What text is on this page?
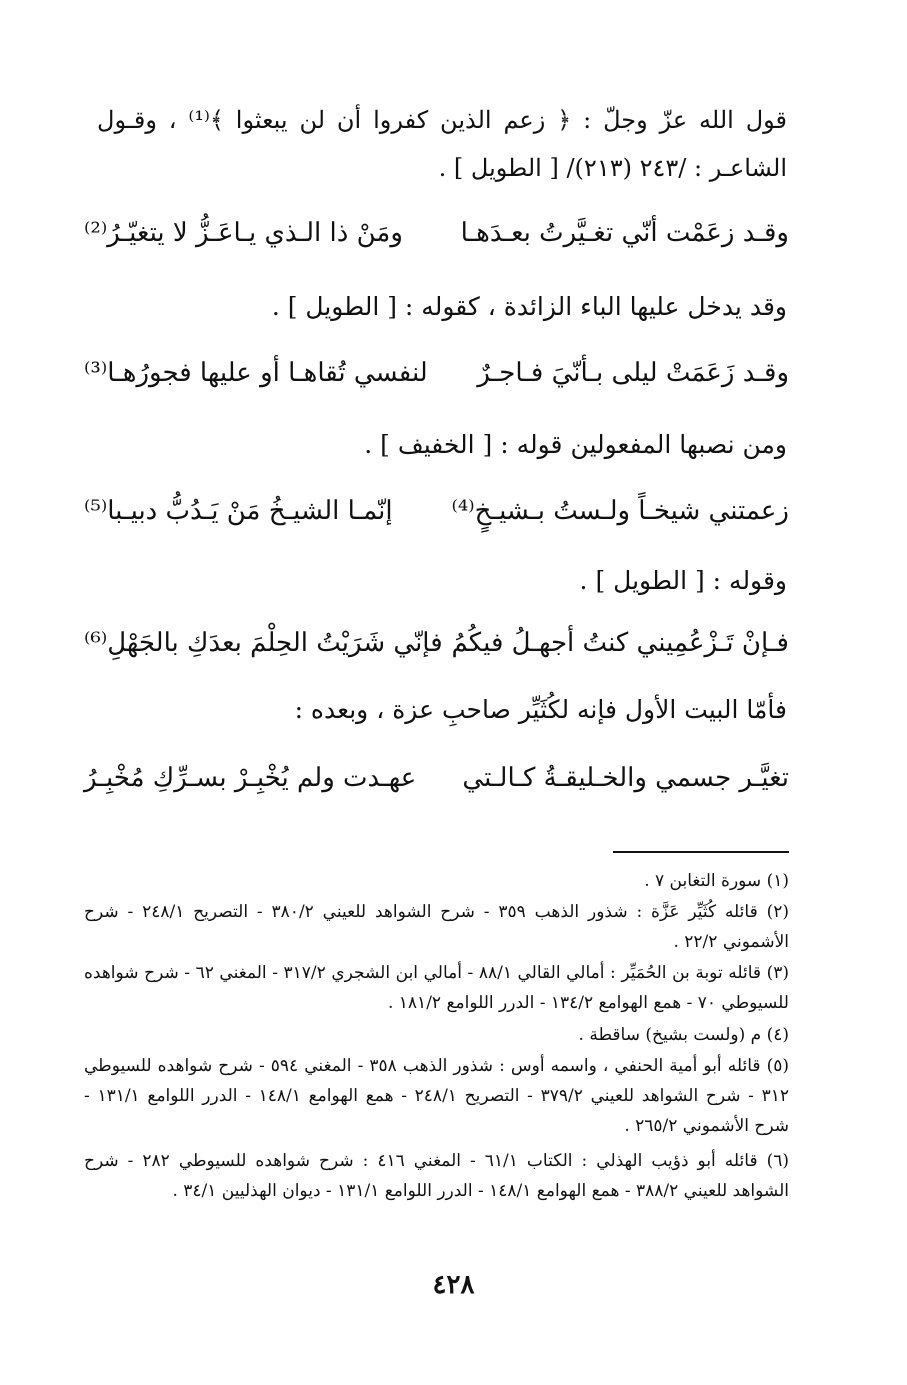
قول الله عزّ وجلّ : ﴿ زعم الذين كفروا أن لن يبعثوا ﴾⁽¹⁾ ، وقـول الشاعـر : /٢٤٣ (٢١٣)/ [ الطويل ] .
وقـد زعَمْت أنّي تغـيَّرتُ بعـدَهـا
ومَنْ ذا الـذي يـاعَـزُّ لا يتغيّـرُ⁽²⁾
وقد يدخل عليها الباء الزائدة ، كقوله : [ الطويل ] .
وقـد زَعَمَتْ ليلى بـأنّيَ فـاجـرٌ
لنفسي تُقاهـا أو عليها فجورُهـا⁽³⁾
ومن نصبها المفعولين قوله : [ الخفيف ] .
زعمتني شيخـاً ولـستُ بـشيـخٍ⁽⁴⁾
إنّمـا الشيـخُ مَنْ يَـدُبُّ دبيـبا⁽⁵⁾
وقوله : [ الطويل ] .
فـإنْ تَـزْعُمِيني كنتُ أجهـلُ فيكُمُ
فإنّي شَرَيْتُ الحِلْمَ بعدَكِ بالجَهْلِ⁽⁶⁾
فأمّا البيت الأول فإنه لكُثَيِّر صاحبِ عزة ، وبعده :
تغيَّـر جسمي والخـليقـةُ كـالـتي
عهـدت ولم يُخْبِـرْ بسـرِّكِ مُخْبِـرُ
(١) سورة التغابن ٧ .
(٢) قائله كُثَيِّر عَزَّة : شذور الذهب ٣٥٩ - شرح الشواهد للعيني ٣٨٠/٢ - التصريح ٢٤٨/١ - شرح الأشموني ٢٢/٢ .
(٣) قائله توبة بن الحُمَيِّر : أمالي القالي ٨٨/١ - أمالي ابن الشجري ٣١٧/٢ - المغني ٦٢ - شرح شواهده للسيوطي ٧٠ - همع الهوامع ١٣٤/٢ - الدرر اللوامع ١٨١/٢ .
(٤) م (ولست بشيخ) ساقطة .
(٥) قائله أبو أمية الحنفي ، واسمه أوس : شذور الذهب ٣٥٨ - المغني ٥٩٤ - شرح شواهده للسيوطي ٣١٢ - شرح الشواهد للعيني ٣٧٩/٢ - التصريح ٢٤٨/١ - همع الهوامع ١٤٨/١ - الدرر اللوامع ١٣١/١ - شرح الأشموني ٢٦٥/٢ .
(٦) قائله أبو ذؤيب الهذلي : الكتاب ٦١/١ - المغني ٤١٦ : شرح شواهده للسيوطي ٢٨٢ - شرح الشواهد للعيني ٣٨٨/٢ - همع الهوامع ١٤٨/١ - الدرر اللوامع ١٣١/١ - ديوان الهذليين ٣٤/١ .
٤٢٨
